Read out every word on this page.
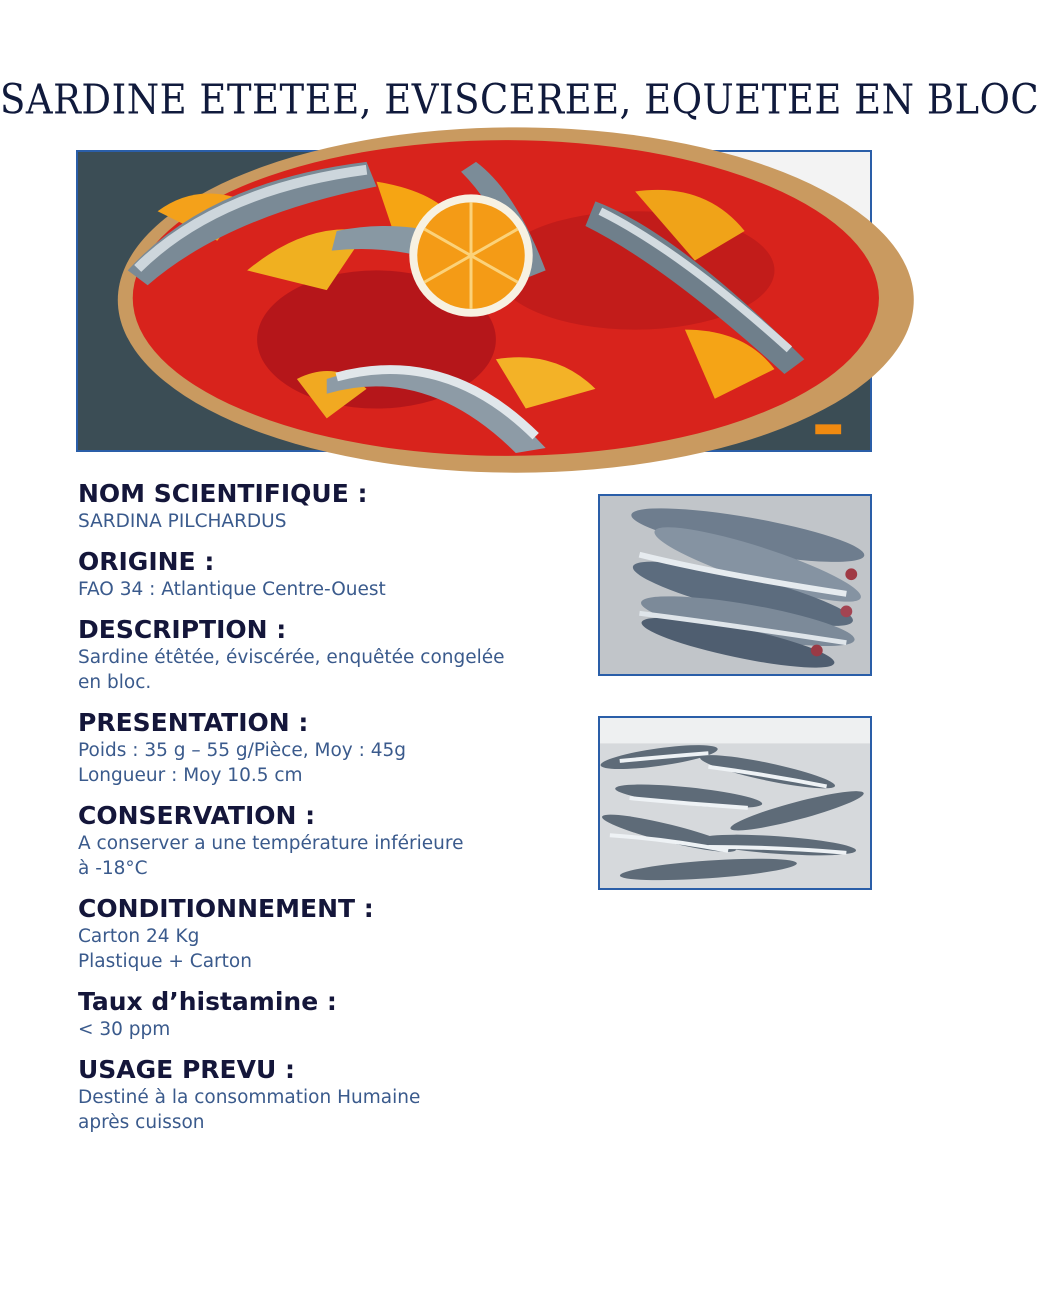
SARDINE ETETEE, EVISCEREE, EQUETEE EN BLOC
NOM SCIENTIFIQUE :
SARDINA PILCHARDUS
ORIGINE :
FAO 34 : Atlantique Centre-Ouest
DESCRIPTION :
Sardine étêtée, éviscérée, enquêtée congelée
en bloc.
PRESENTATION :
Poids : 35 g – 55 g/Pièce, Moy : 45g
Longueur : Moy 10.5 cm
CONSERVATION :
A conserver a une température inférieure
à -18°C
CONDITIONNEMENT :
Carton 24 Kg
Plastique + Carton
Taux d’histamine :
< 30 ppm
USAGE PREVU :
Destiné à la consommation Humaine
après cuisson
